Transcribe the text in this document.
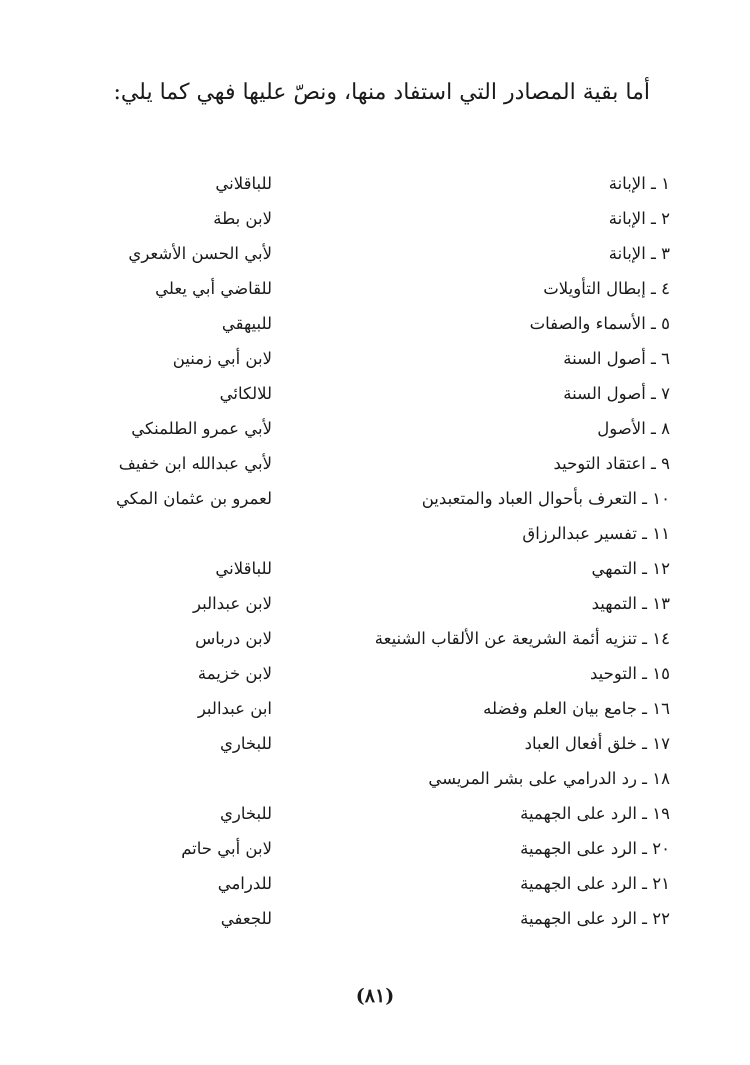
أما بقية المصادر التي استفاد منها، ونصّ عليها فهي كما يلي:
١ ـ الإبانة
للباقلاني
٢ ـ الإبانة
لابن بطة
٣ ـ الإبانة
لأبي الحسن الأشعري
٤ ـ إبطال التأويلات
للقاضي أبي يعلي
٥ ـ الأسماء والصفات
للبيهقي
٦ ـ أصول السنة
لابن أبي زمنين
٧ ـ أصول السنة
للالكائي
٨ ـ الأصول
لأبي عمرو الطلمنكي
٩ ـ اعتقاد التوحيد
لأبي عبدالله ابن خفيف
١٠ ـ التعرف بأحوال العباد والمتعبدين
لعمرو بن عثمان المكي
١١ ـ تفسير عبدالرزاق
١٢ ـ التمهي
للباقلاني
١٣ ـ التمهيد
لابن عبدالبر
١٤ ـ تنزيه أئمة الشريعة عن الألقاب الشنيعة
لابن درباس
١٥ ـ التوحيد
لابن خزيمة
١٦ ـ جامع بيان العلم وفضله
ابن عبدالبر
١٧ ـ خلق أفعال العباد
للبخاري
١٨ ـ رد الدرامي على بشر المريسي
١٩ ـ الرد على الجهمية
للبخاري
٢٠ ـ الرد على الجهمية
لابن أبي حاتم
٢١ ـ الرد على الجهمية
للدرامي
٢٢ ـ الرد على الجهمية
للجعفي
(٨١)
